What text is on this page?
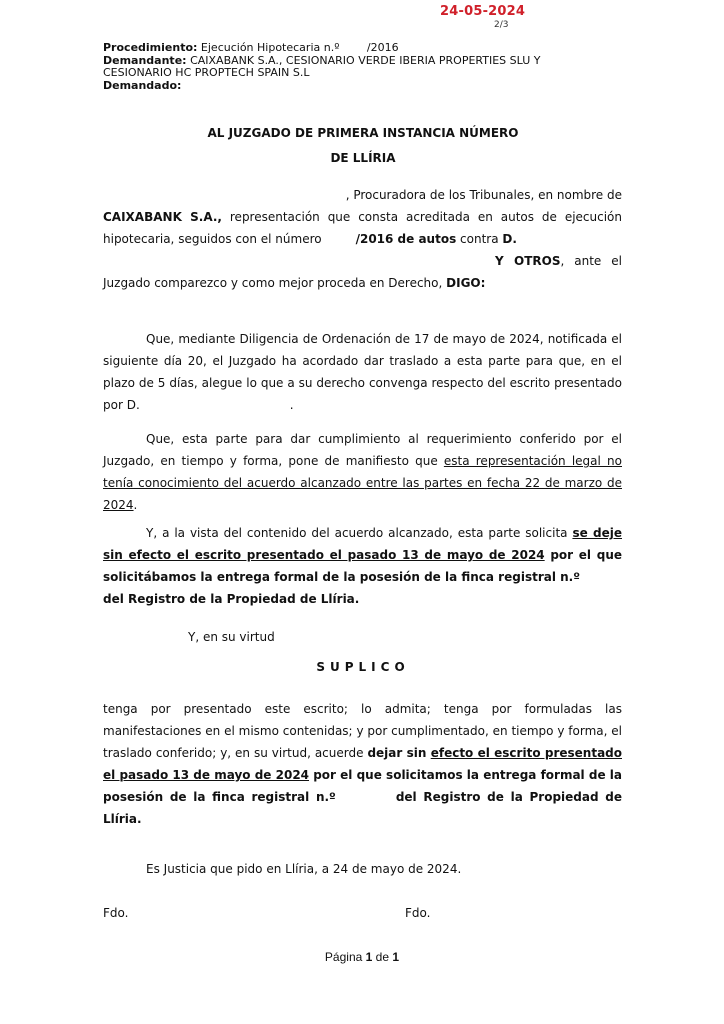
24-05-2024
2/3
Procedimiento: Ejecución Hipotecaria n.º	/2016
Demandante: CAIXABANK S.A., CESIONARIO VERDE IBERIA PROPERTIES SLU Y
CESIONARIO HC PROPTECH SPAIN S.L
Demandado:
AL JUZGADO DE PRIMERA INSTANCIA NÚMERO
DE LLÍRIA
, Procuradora de los Tribunales, en nombre de
CAIXABANK S.A., representación que consta acreditada en autos de ejecución hipotecaria, seguidos con el número	/2016 de autos contra D.
Y OTROS, ante el Juzgado comparezco y como mejor proceda en Derecho, DIGO:
Que, mediante Diligencia de Ordenación de 17 de mayo de 2024, notificada el siguiente día 20, el Juzgado ha acordado dar traslado a esta parte para que, en el plazo de 5 días, alegue lo que a su derecho convenga respecto del escrito presentado por D.	.
Que, esta parte para dar cumplimiento al requerimiento conferido por el Juzgado, en tiempo y forma, pone de manifiesto que esta representación legal no tenía conocimiento del acuerdo alcanzado entre las partes en fecha 22 de marzo de 2024.
Y, a la vista del contenido del acuerdo alcanzado, esta parte solicita se deje sin efecto el escrito presentado el pasado 13 de mayo de 2024 por el que solicitábamos la entrega formal de la posesión de la finca registral n.º
del Registro de la Propiedad de Llíria.
Y, en su virtud
SUPLICO
tenga por presentado este escrito; lo admita; tenga por formuladas las manifestaciones en el mismo contenidas; y por cumplimentado, en tiempo y forma, el traslado conferido; y, en su virtud, acuerde dejar sin efecto el escrito presentado el pasado 13 de mayo de 2024 por el que solicitamos la entrega formal de la posesión de la finca registral n.º	del Registro de la Propiedad de Llíria.
Es Justicia que pido en Llíria, a 24 de mayo de 2024.
Fdo.	Fdo.
Página 1 de 1
